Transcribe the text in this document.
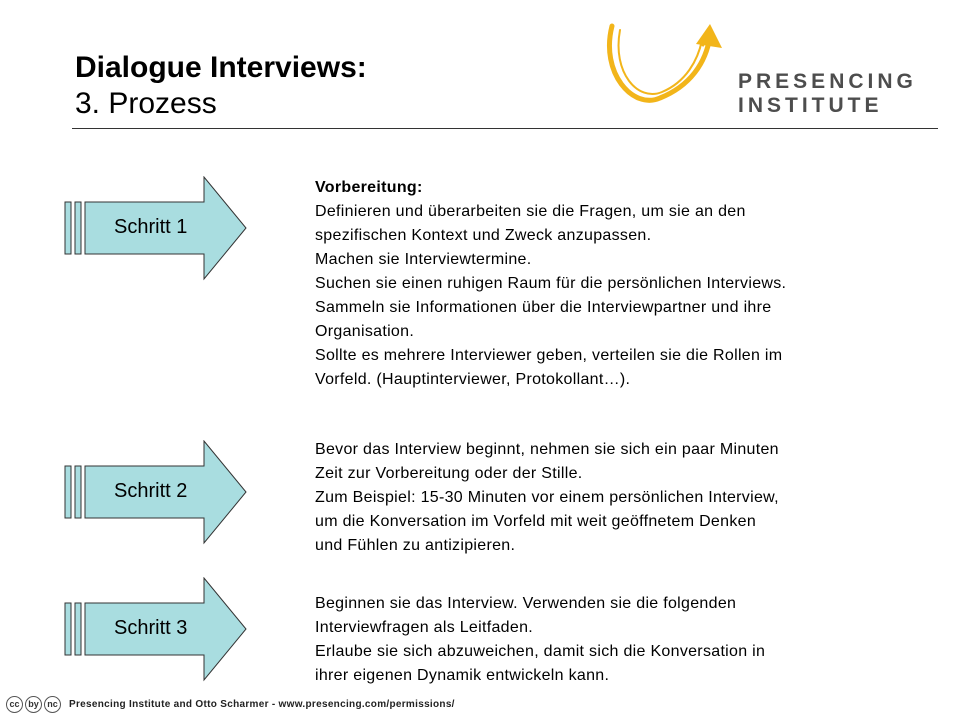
Dialogue Interviews:
3. Prozess
PRESENCING
INSTITUTE
Schritt 1
Schritt 2
Schritt 3

Vorbereitung:

Definieren und überarbeiten sie die Fragen, um sie an den

spezifischen Kontext und Zweck anzupassen.

Machen sie Interviewtermine.

Suchen sie einen ruhigen Raum für die persönlichen Interviews.

Sammeln sie Informationen über die Interviewpartner und ihre

Organisation.

Sollte es mehrere Interviewer geben, verteilen sie die Rollen im

Vorfeld. (Hauptinterviewer, Protokollant…).

Bevor das Interview beginnt, nehmen sie sich ein paar Minuten

Zeit zur Vorbereitung oder der Stille.

Zum Beispiel: 15-30 Minuten vor einem persönlichen Interview,

um die Konversation im Vorfeld mit weit geöffnetem Denken

und Fühlen zu antizipieren.

Beginnen sie das Interview. Verwenden sie die folgenden

Interviewfragen als Leitfaden.

Erlaube sie sich abzuweichen, damit sich die Konversation in

ihrer eigenen Dynamik entwickeln kann.

cc by nc	Presencing Institute and Otto Scharmer - www.presencing.com/permissions/
